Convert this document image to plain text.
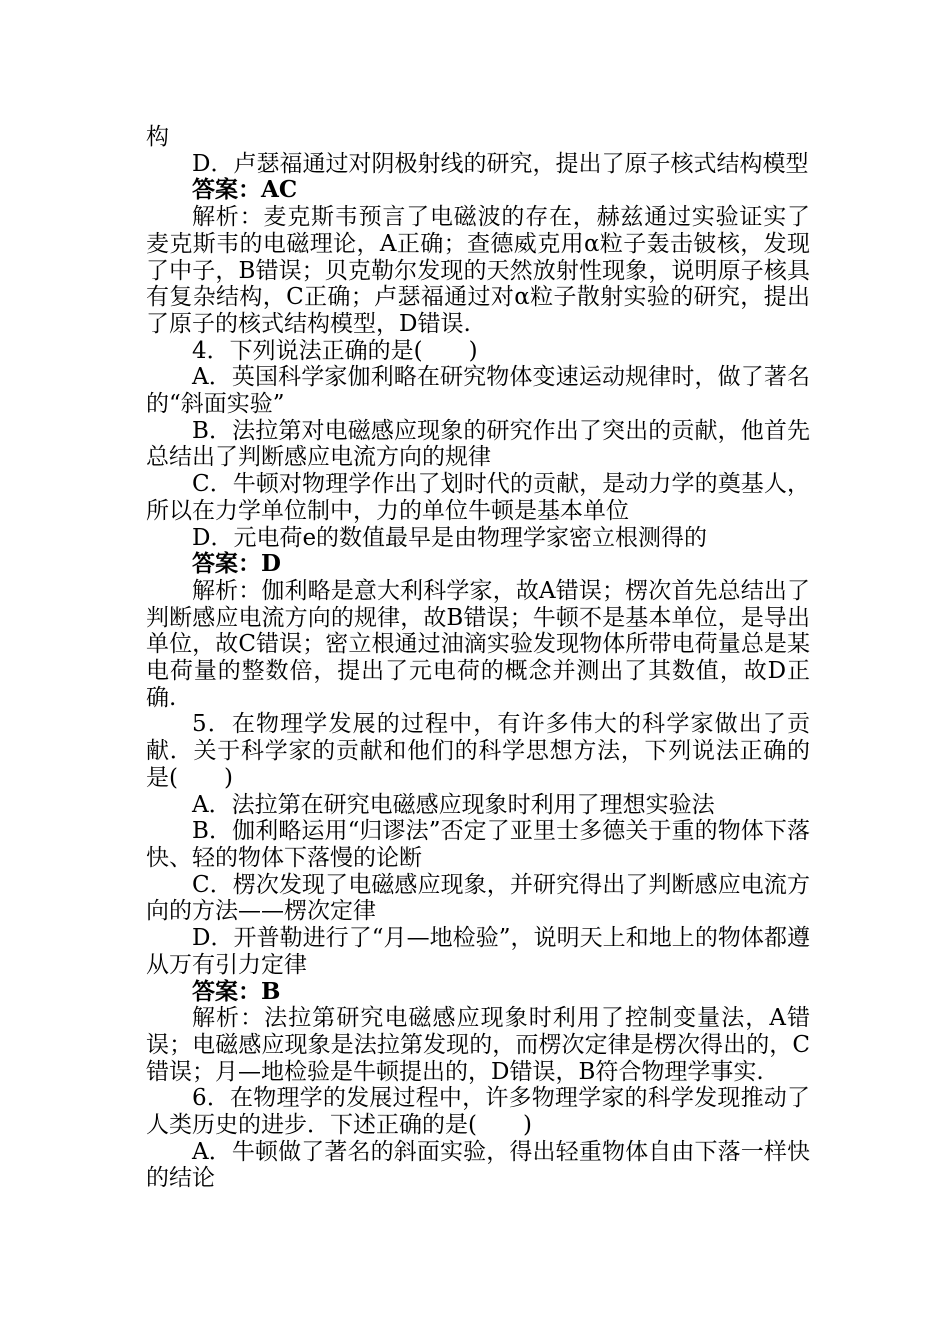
构

D．卢瑟福通过对阴极射线的研究，提出了原子核式结构模型

答案：AC

解析：麦克斯韦预言了电磁波的存在，赫兹通过实验证实了麦克斯韦的电磁理论，A正确；查德威克用α粒子轰击铍核，发现了中子，B错误；贝克勒尔发现的天然放射性现象，说明原子核具有复杂结构，C正确；卢瑟福通过对α粒子散射实验的研究，提出了原子的核式结构模型，D错误.

4．下列说法正确的是(　　)

A．英国科学家伽利略在研究物体变速运动规律时，做了著名的“斜面实验”

B．法拉第对电磁感应现象的研究作出了突出的贡献，他首先总结出了判断感应电流方向的规律

C．牛顿对物理学作出了划时代的贡献，是动力学的奠基人，所以在力学单位制中，力的单位牛顿是基本单位

D．元电荷e的数值最早是由物理学家密立根测得的

答案：D

解析：伽利略是意大利科学家，故A错误；楞次首先总结出了判断感应电流方向的规律，故B错误；牛顿不是基本单位，是导出单位，故C错误；密立根通过油滴实验发现物体所带电荷量总是某电荷量的整数倍，提出了元电荷的概念并测出了其数值，故D正确.

5．在物理学发展的过程中，有许多伟大的科学家做出了贡献．关于科学家的贡献和他们的科学思想方法，下列说法正确的是(　　)

A．法拉第在研究电磁感应现象时利用了理想实验法

B．伽利略运用“归谬法”否定了亚里士多德关于重的物体下落快、轻的物体下落慢的论断

C．楞次发现了电磁感应现象，并研究得出了判断感应电流方向的方法——楞次定律

D．开普勒进行了“月—地检验”，说明天上和地上的物体都遵从万有引力定律

答案：B

解析：法拉第研究电磁感应现象时利用了控制变量法，A错误；电磁感应现象是法拉第发现的，而楞次定律是楞次得出的，C错误；月—地检验是牛顿提出的，D错误，B符合物理学事实.

6．在物理学的发展过程中，许多物理学家的科学发现推动了人类历史的进步．下述正确的是(　　)

A．牛顿做了著名的斜面实验，得出轻重物体自由下落一样快的结论
